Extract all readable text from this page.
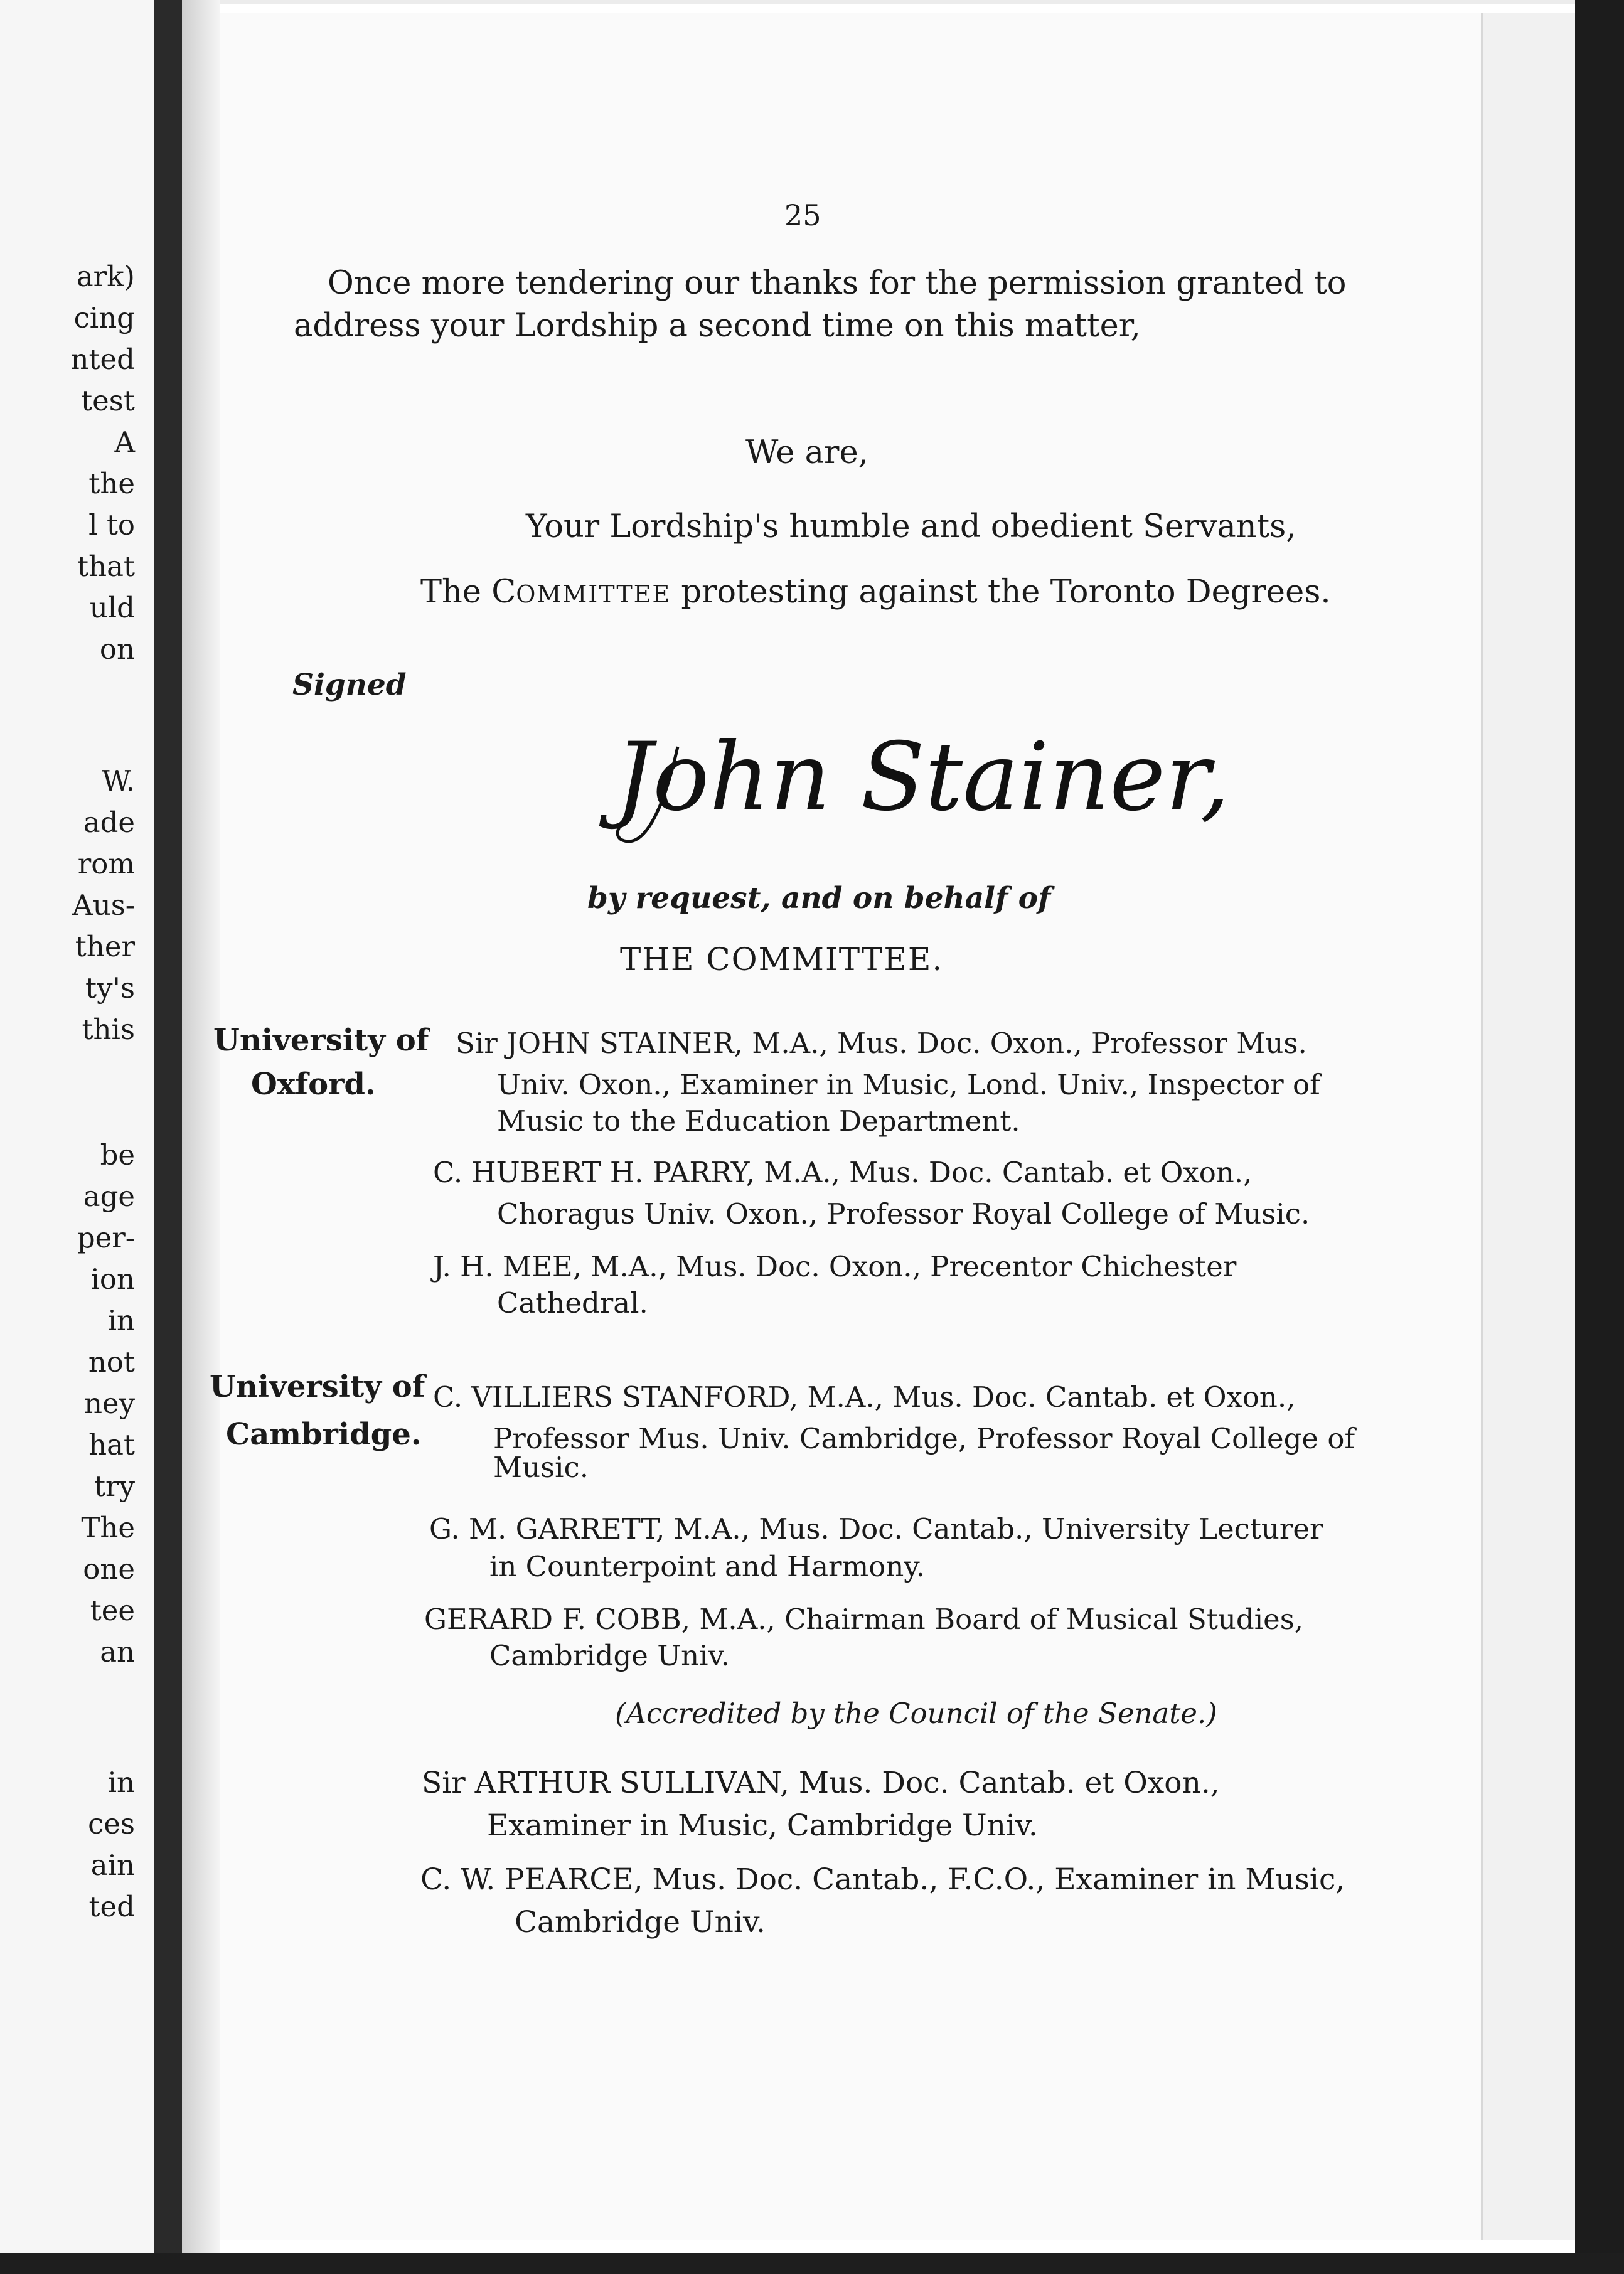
ark)
cing
nted
test
A
the
l to
that
uld
on
W.
ade
rom
Aus-
ther
ty's
this
be
age
per-
ion
in
not
ney
hat
try
The
one
tee
an
in
ces
ain
ted
25
Once more tendering our thanks for the permission granted to
address your Lordship a second time on this matter,
We are,
Your Lordship's humble and obedient Servants,
The COMMITTEE protesting against the Toronto Degrees.
Signed
John Stainer,
by request, and on behalf of
THE COMMITTEE.
University of
Oxford.
Sir JOHN STAINER, M.A., Mus. Doc. Oxon., Professor Mus.
Univ. Oxon., Examiner in Music, Lond. Univ., Inspector of
Music to the Education Department.
C. HUBERT H. PARRY, M.A., Mus. Doc. Cantab. et Oxon.,
Choragus Univ. Oxon., Professor Royal College of Music.
J. H. MEE, M.A., Mus. Doc. Oxon., Precentor Chichester
Cathedral.
University of
Cambridge.
C. VILLIERS STANFORD, M.A., Mus. Doc. Cantab. et Oxon.,
Professor Mus. Univ. Cambridge, Professor Royal College of
Music.
G. M. GARRETT, M.A., Mus. Doc. Cantab., University Lecturer
in Counterpoint and Harmony.
GERARD F. COBB, M.A., Chairman Board of Musical Studies,
Cambridge Univ.
(Accredited by the Council of the Senate.)
Sir ARTHUR SULLIVAN, Mus. Doc. Cantab. et Oxon.,
Examiner in Music, Cambridge Univ.
C. W. PEARCE, Mus. Doc. Cantab., F.C.O., Examiner in Music,
Cambridge Univ.
